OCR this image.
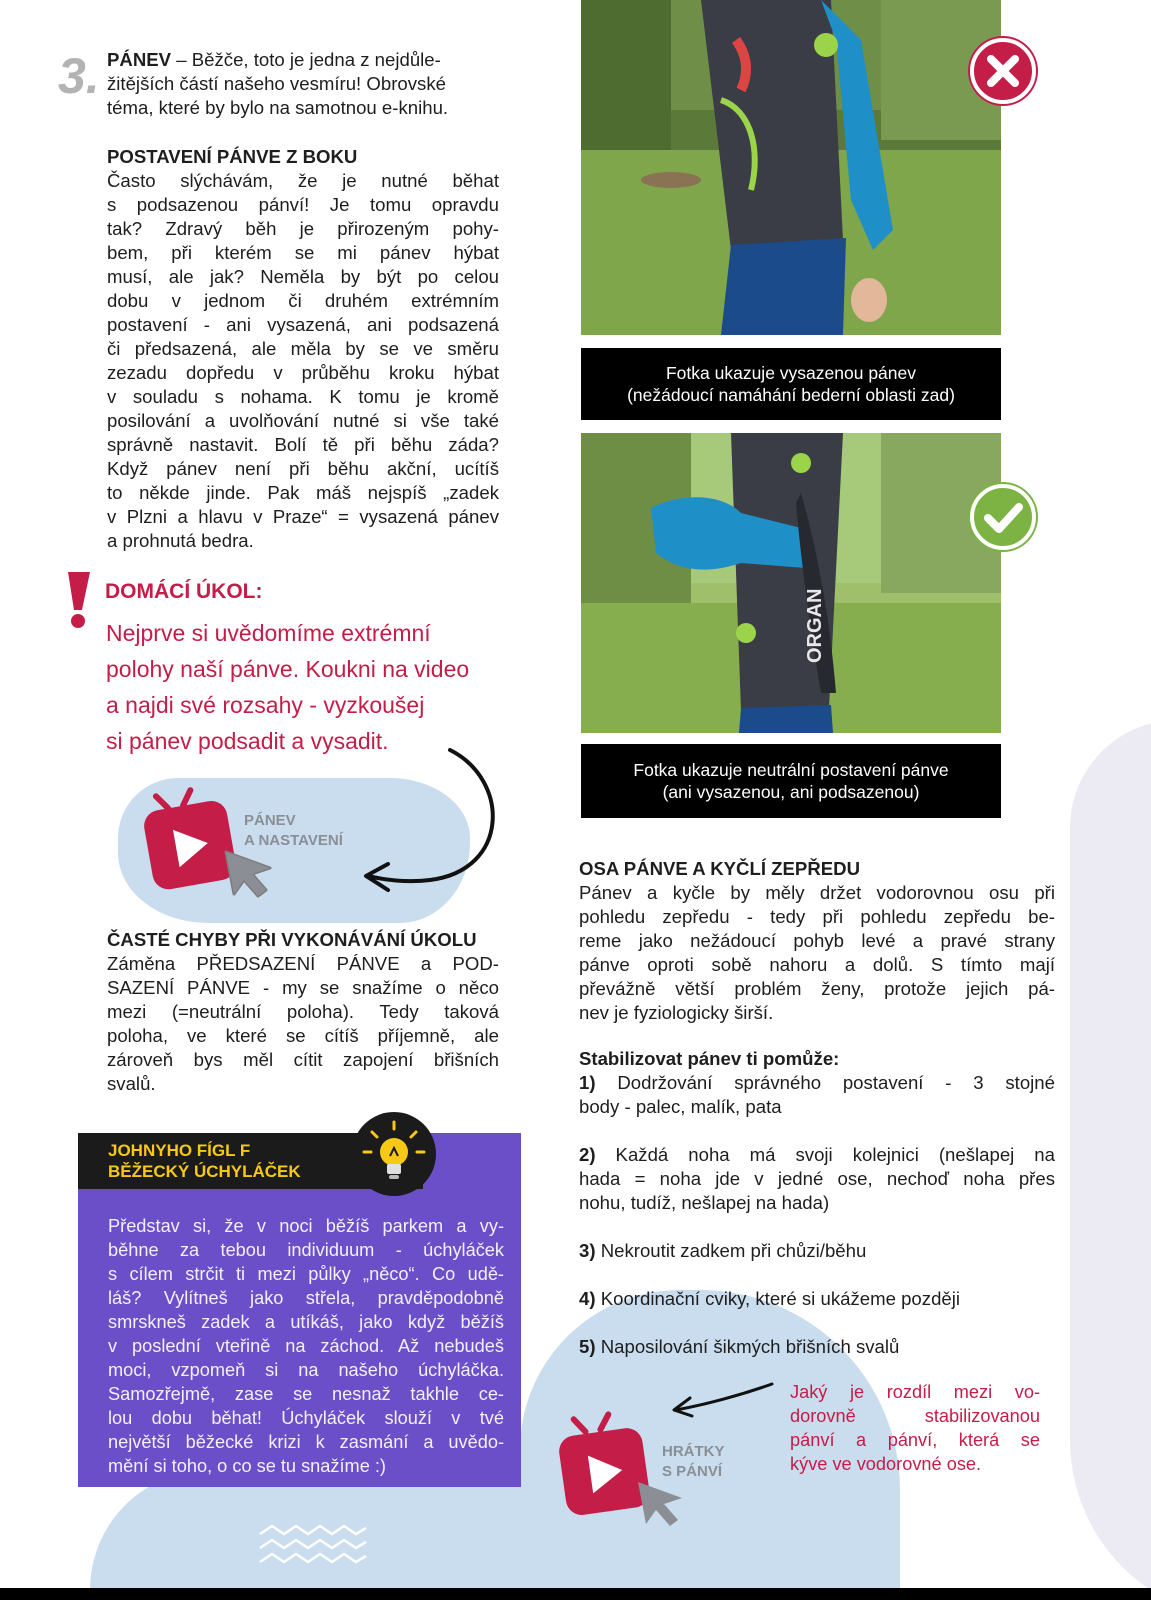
3. PÁNEV – Běžče, toto je jedna z nejdůle-
žitějších částí našeho vesmíru! Obrovské
téma, které by bylo na samotnou e-knihu.
POSTAVENÍ PÁNVE Z BOKU
Často slýchávám, že je nutné běhat
s podsazenou pánví! Je tomu opravdu
tak? Zdravý běh je přirozeným pohy-
bem, při kterém se mi pánev hýbat
musí, ale jak? Neměla by být po celou
dobu v jednom či druhém extrémním
postavení - ani vysazená, ani podsazená
či předsazená, ale měla by se ve směru
zezadu dopředu v průběhu kroku hýbat
v souladu s nohama. K tomu je kromě
posilování a uvolňování nutné si vše také
správně nastavit. Bolí tě při běhu záda?
Když pánev není při běhu akční, ucítíš
to někde jinde. Pak máš nejspíš „zadek
v Plzni a hlavu v Praze“ = vysazená pánev
a prohnutá bedra.
DOMÁCÍ ÚKOL:
Nejprve si uvědomíme extrémní
polohy naší pánve. Koukni na video
a najdi své rozsahy - vyzkoušej
si pánev podsadit a vysadit.
PÁNEV
A NASTAVENÍ
ČASTÉ CHYBY PŘI VYKONÁVÁNÍ ÚKOLU
Záměna PŘEDSAZENÍ PÁNVE a POD-
SAZENÍ PÁNVE - my se snažíme o něco
mezi (=neutrální poloha). Tedy taková
poloha, ve které se cítíš příjemně, ale
zároveň bys měl cítit zapojení břišních
svalů.
JOHNYHO FÍGL F
BĚŽECKÝ ÚCHYLÁČEK
Představ si, že v noci běžíš parkem a vy-
běhne za tebou individuum - úchyláček
s cílem strčit ti mezi půlky „něco“. Co udě-
láš? Vylítneš jako střela, pravděpodobně
smrskneš zadek a utíkáš, jako když běžíš
v poslední vteřině na záchod. Až nebudeš
moci, vzpomeň si na našeho úchyláčka.
Samozřejmě, zase se nesnaž takhle ce-
lou dobu běhat! Úchyláček slouží v tvé
největší běžecké krizi k zasmání a uvědo-
mění si toho, o co se tu snažíme :)
Fotka ukazuje vysazenou pánev
(nežádoucí namáhání bederní oblasti zad)
ORGAN
Fotka ukazuje neutrální postavení pánve
(ani vysazenou, ani podsazenou)
OSA PÁNVE A KYČLÍ ZEPŘEDU
Pánev a kyčle by měly držet vodorovnou osu při
pohledu zepředu - tedy při pohledu zepředu be-
reme jako nežádoucí pohyb levé a pravé strany
pánve oproti sobě nahoru a dolů. S tímto mají
převážně větší problém ženy, protože jejich pá-
nev je fyziologicky širší.
Stabilizovat pánev ti pomůže:
1) Dodržování správného postavení - 3 stojné
body - palec, malík, pata
2) Každá noha má svoji kolejnici (nešlapej na
hada = noha jde v jedné ose, nechoď noha přes
nohu, tudíž, nešlapej na hada)
3) Nekroutit zadkem při chůzi/běhu
4) Koordinační cviky, které si ukážeme později
5) Naposilování šikmých břišních svalů
Jaký je rozdíl mezi vo-
dorovně stabilizovanou
pánví a pánví, která se
kýve ve vodorovné ose.
HRÁTKY
S PÁNVÍ
